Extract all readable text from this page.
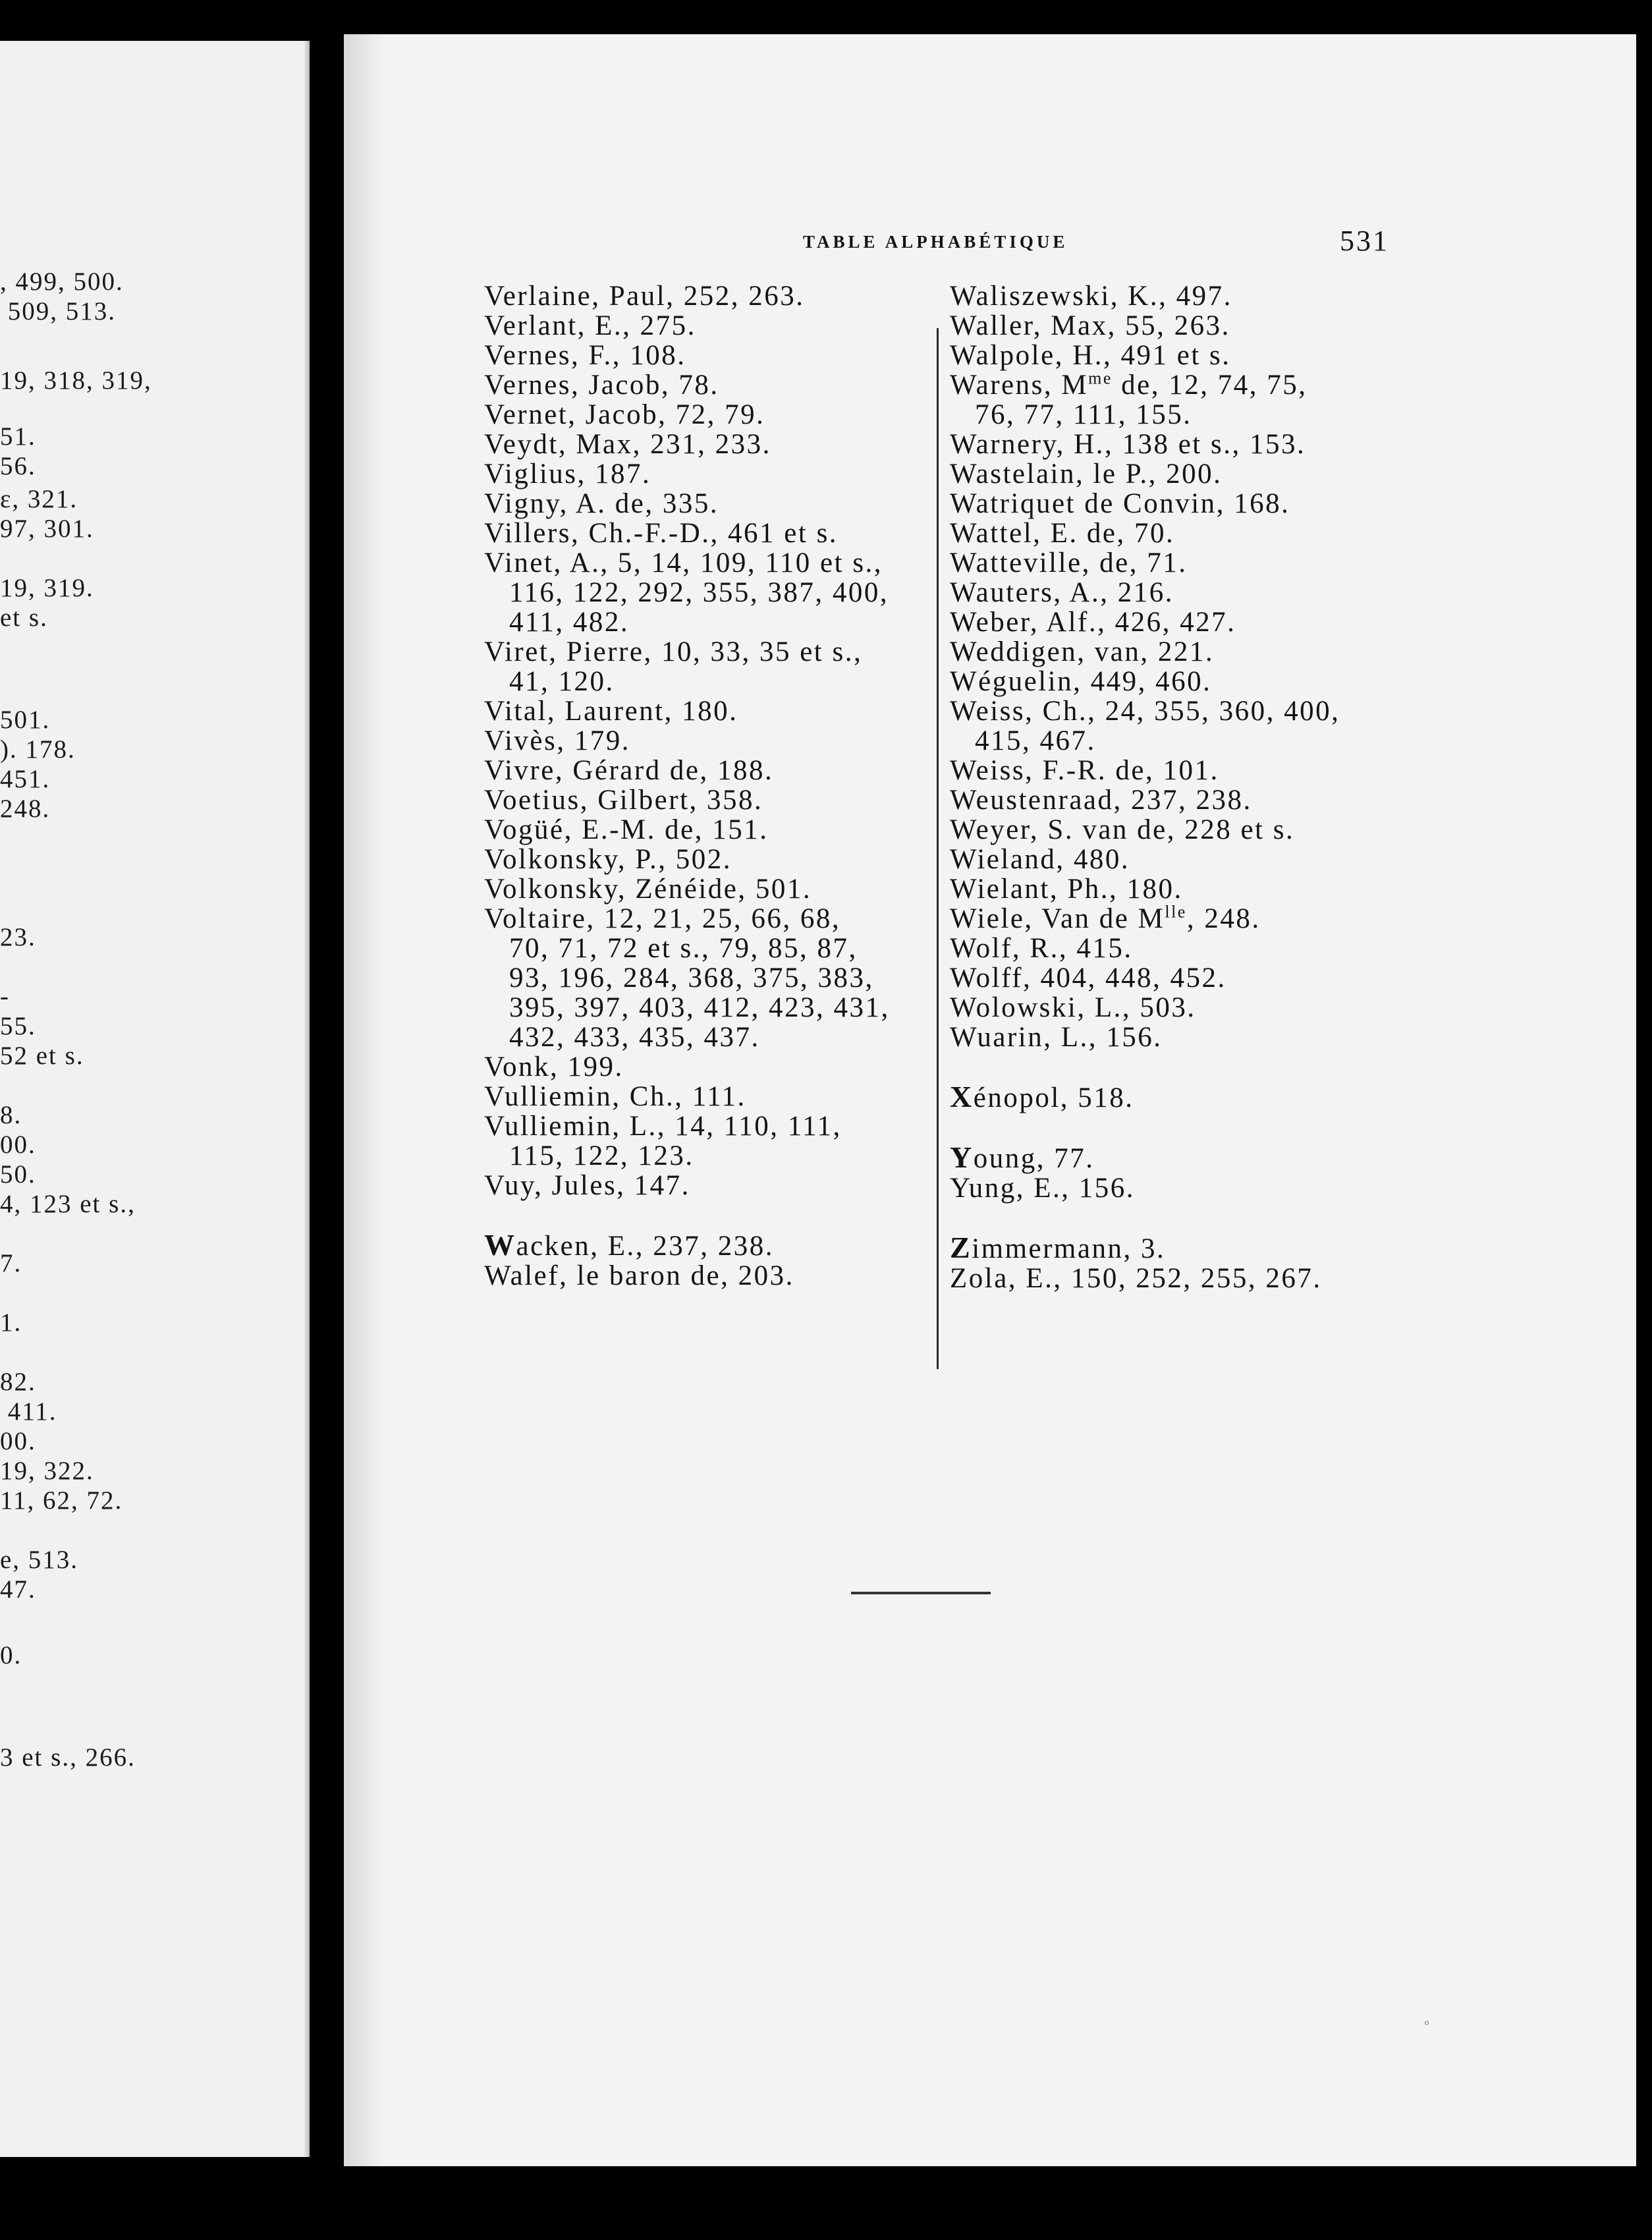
, 499, 500.
509, 513.
19, 318, 319,
51.
56.
ɛ, 321.
97, 301.
19, 319.
et s.
501.
). 178.
451.
248.
23.
-
55.
52 et s.
8.
00.
50.
4, 123 et s.,
7.
1.
82.
411.
00.
19, 322.
11, 62, 72.
e, 513.
47.
0.
3 et s., 266.
TABLE ALPHABÉTIQUE	531
Verlaine, Paul, 252, 263.
Verlant, E., 275.
Vernes, F., 108.
Vernes, Jacob, 78.
Vernet, Jacob, 72, 79.
Veydt, Max, 231, 233.
Viglius, 187.
Vigny, A. de, 335.
Villers, Ch.-F.-D., 461 et s.
Vinet, A., 5, 14, 109, 110 et s.,
116, 122, 292, 355, 387, 400,
411, 482.
Viret, Pierre, 10, 33, 35 et s.,
41, 120.
Vital, Laurent, 180.
Vivès, 179.
Vivre, Gérard de, 188.
Voetius, Gilbert, 358.
Vogüé, E.-M. de, 151.
Volkonsky, P., 502.
Volkonsky, Zénéide, 501.
Voltaire, 12, 21, 25, 66, 68,
70, 71, 72 et s., 79, 85, 87,
93, 196, 284, 368, 375, 383,
395, 397, 403, 412, 423, 431,
432, 433, 435, 437.
Vonk, 199.
Vulliemin, Ch., 111.
Vulliemin, L., 14, 110, 111,
115, 122, 123.
Vuy, Jules, 147.
Wacken, E., 237, 238.
Walef, le baron de, 203.
Waliszewski, K., 497.
Waller, Max, 55, 263.
Walpole, H., 491 et s.
Warens, $M^{me}$ de, 12, 74, 75,
76, 77, 111, 155.
Warnery, H., 138 et s., 153.
Wastelain, le P., 200.
Watriquet de Convin, 168.
Wattel, E. de, 70.
Watteville, de, 71.
Wauters, A., 216.
Weber, Alf., 426, 427.
Weddigen, van, 221.
Wéguelin, 449, 460.
Weiss, Ch., 24, 355, 360, 400,
415, 467.
Weiss, F.-R. de, 101.
Weustenraad, 237, 238.
Weyer, S. van de, 228 et s.
Wieland, 480.
Wielant, Ph., 180.
Wiele, Van de $M^{lle}$, 248.
Wolf, R., 415.
Wolff, 404, 448, 452.
Wolowski, L., 503.
Wuarin, L., 156.
Xénopol, 518.
Young, 77.
Yung, E., 156.
Zimmermann, 3.
Zola, E., 150, 252, 255, 267.
°
